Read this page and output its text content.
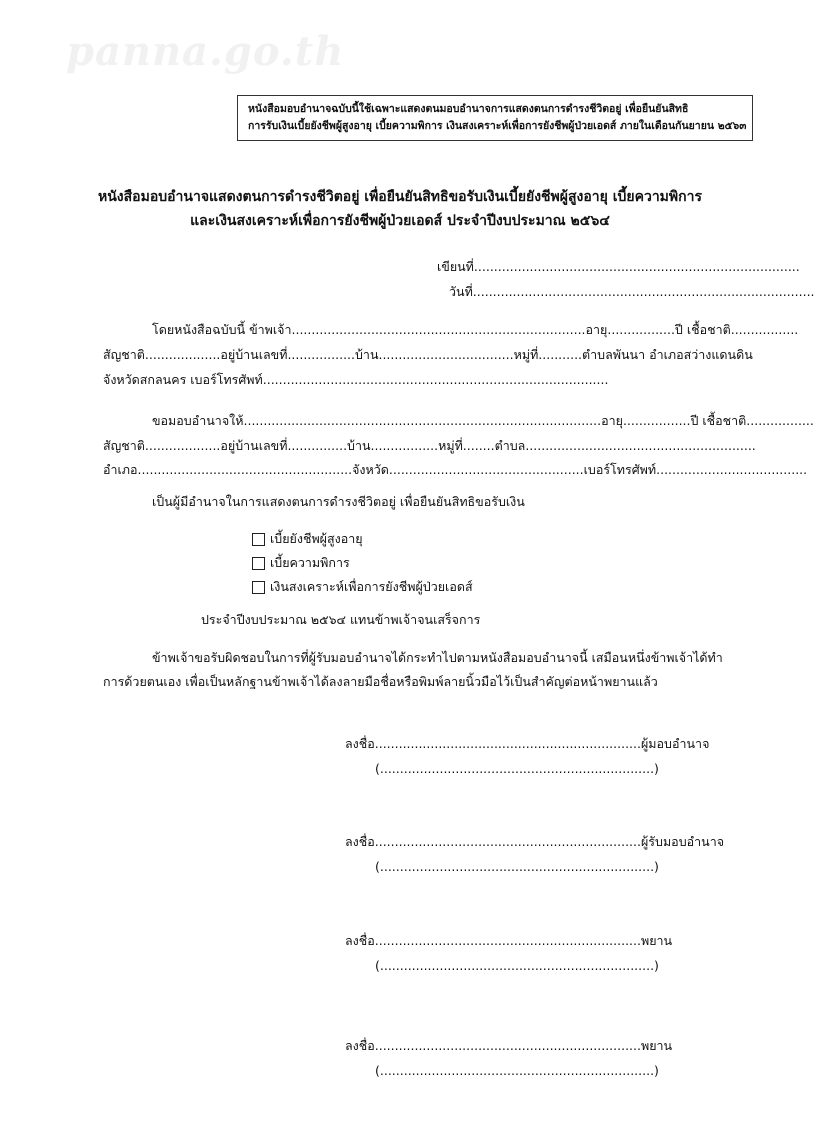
panna.go.th
หนังสือมอบอำนาจฉบับนี้ใช้เฉพาะแสดงตนมอบอำนาจการแสดงตนการดำรงชีวิตอยู่ เพื่อยืนยันสิทธิ
การรับเงินเบี้ยยังชีพผู้สูงอายุ เบี้ยความพิการ เงินสงเคราะห์เพื่อการยังชีพผู้ป่วยเอดส์ ภายในเดือนกันยายน ๒๕๖๓
หนังสือมอบอำนาจแสดงตนการดำรงชีวิตอยู่ เพื่อยืนยันสิทธิขอรับเงินเบี้ยยังชีพผู้สูงอายุ เบี้ยความพิการ
และเงินสงเคราะห์เพื่อการยังชีพผู้ป่วยเอดส์ ประจำปีงบประมาณ ๒๕๖๔
เขียนที่..................................................................................
วันที่......................................................................................
โดยหนังสือฉบับนี้ ข้าพเจ้า..........................................................................อายุ.................ปี เชื้อชาติ.................
สัญชาติ...................อยู่บ้านเลขที่.................บ้าน..................................หมู่ที่...........ตำบลพันนา อำเภอสว่างแดนดิน
จังหวัดสกลนคร เบอร์โทรศัพท์.......................................................................................
ขอมอบอำนาจให้..........................................................................................อายุ.................ปี เชื้อชาติ.................
สัญชาติ...................อยู่บ้านเลขที่...............บ้าน.................หมู่ที่........ตำบล..........................................................
อำเภอ......................................................จังหวัด.................................................เบอร์โทรศัพท์......................................
เป็นผู้มีอำนาจในการแสดงตนการดำรงชีวิตอยู่ เพื่อยืนยันสิทธิขอรับเงิน
เบี้ยยังชีพผู้สูงอายุ
เบี้ยความพิการ
เงินสงเคราะห์เพื่อการยังชีพผู้ป่วยเอดส์
ประจำปีงบประมาณ ๒๕๖๔ แทนข้าพเจ้าจนเสร็จการ
ข้าพเจ้าขอรับผิดชอบในการที่ผู้รับมอบอำนาจได้กระทำไปตามหนังสือมอบอำนาจนี้ เสมือนหนึ่งข้าพเจ้าได้ทำ
การด้วยตนเอง เพื่อเป็นหลักฐานข้าพเจ้าได้ลงลายมือชื่อหรือพิมพ์ลายนิ้วมือไว้เป็นสำคัญต่อหน้าพยานแล้ว
ลงชื่อ...................................................................ผู้มอบอำนาจ
(.....................................................................)
ลงชื่อ...................................................................ผู้รับมอบอำนาจ
(.....................................................................)
ลงชื่อ...................................................................พยาน
(.....................................................................)
ลงชื่อ...................................................................พยาน
(.....................................................................)
